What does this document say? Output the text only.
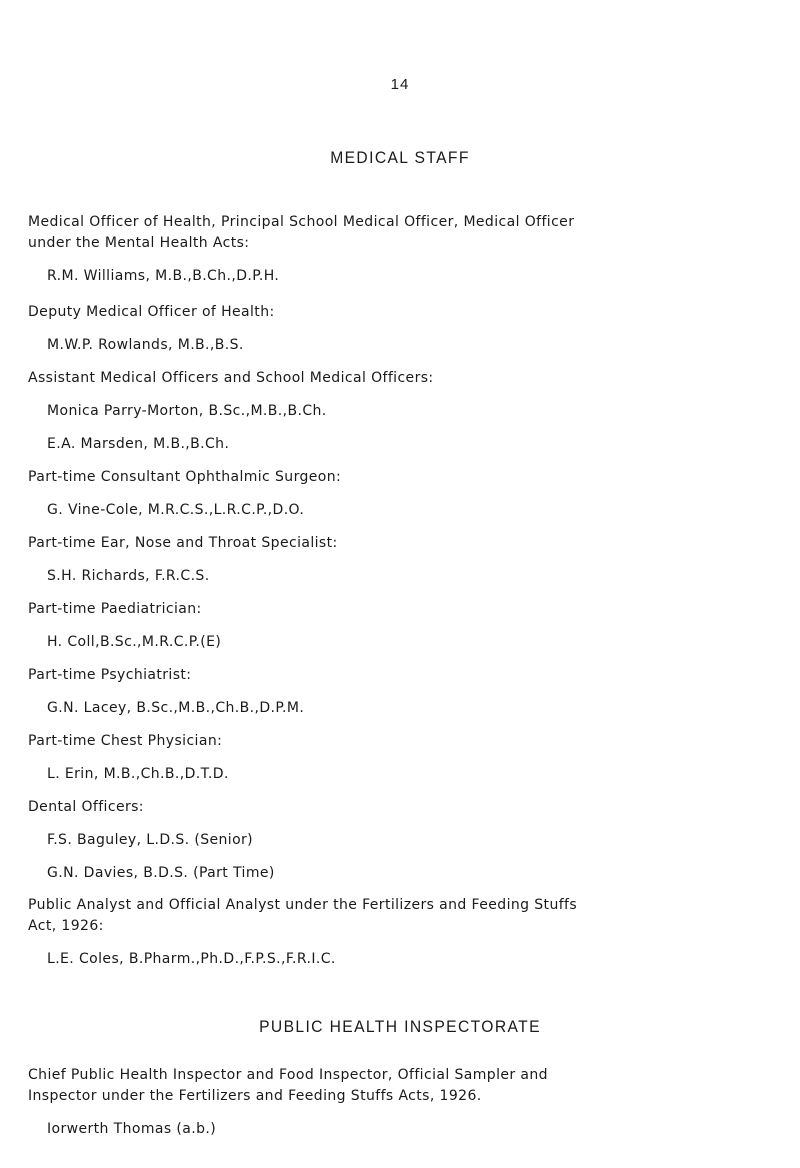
14
MEDICAL STAFF
Medical Officer of Health, Principal School Medical Officer, Medical Officer
under the Mental Health Acts:
R.M. Williams, M.B.,B.Ch.,D.P.H.
Deputy Medical Officer of Health:
M.W.P. Rowlands, M.B.,B.S.
Assistant Medical Officers and School Medical Officers:
Monica Parry-Morton, B.Sc.,M.B.,B.Ch.
E.A. Marsden, M.B.,B.Ch.
Part-time Consultant Ophthalmic Surgeon:
G. Vine-Cole, M.R.C.S.,L.R.C.P.,D.O.
Part-time Ear, Nose and Throat Specialist:
S.H. Richards, F.R.C.S.
Part-time Paediatrician:
H. Coll,B.Sc.,M.R.C.P.(E)
Part-time Psychiatrist:
G.N. Lacey, B.Sc.,M.B.,Ch.B.,D.P.M.
Part-time Chest Physician:
L. Erin, M.B.,Ch.B.,D.T.D.
Dental Officers:
F.S. Baguley, L.D.S. (Senior)
G.N. Davies, B.D.S. (Part Time)
Public Analyst and Official Analyst under the Fertilizers and Feeding Stuffs
Act, 1926:
L.E. Coles, B.Pharm.,Ph.D.,F.P.S.,F.R.I.C.
PUBLIC HEALTH INSPECTORATE
Chief Public Health Inspector and Food Inspector, Official Sampler and
Inspector under the Fertilizers and Feeding Stuffs Acts, 1926.
Iorwerth Thomas (a.b.)
